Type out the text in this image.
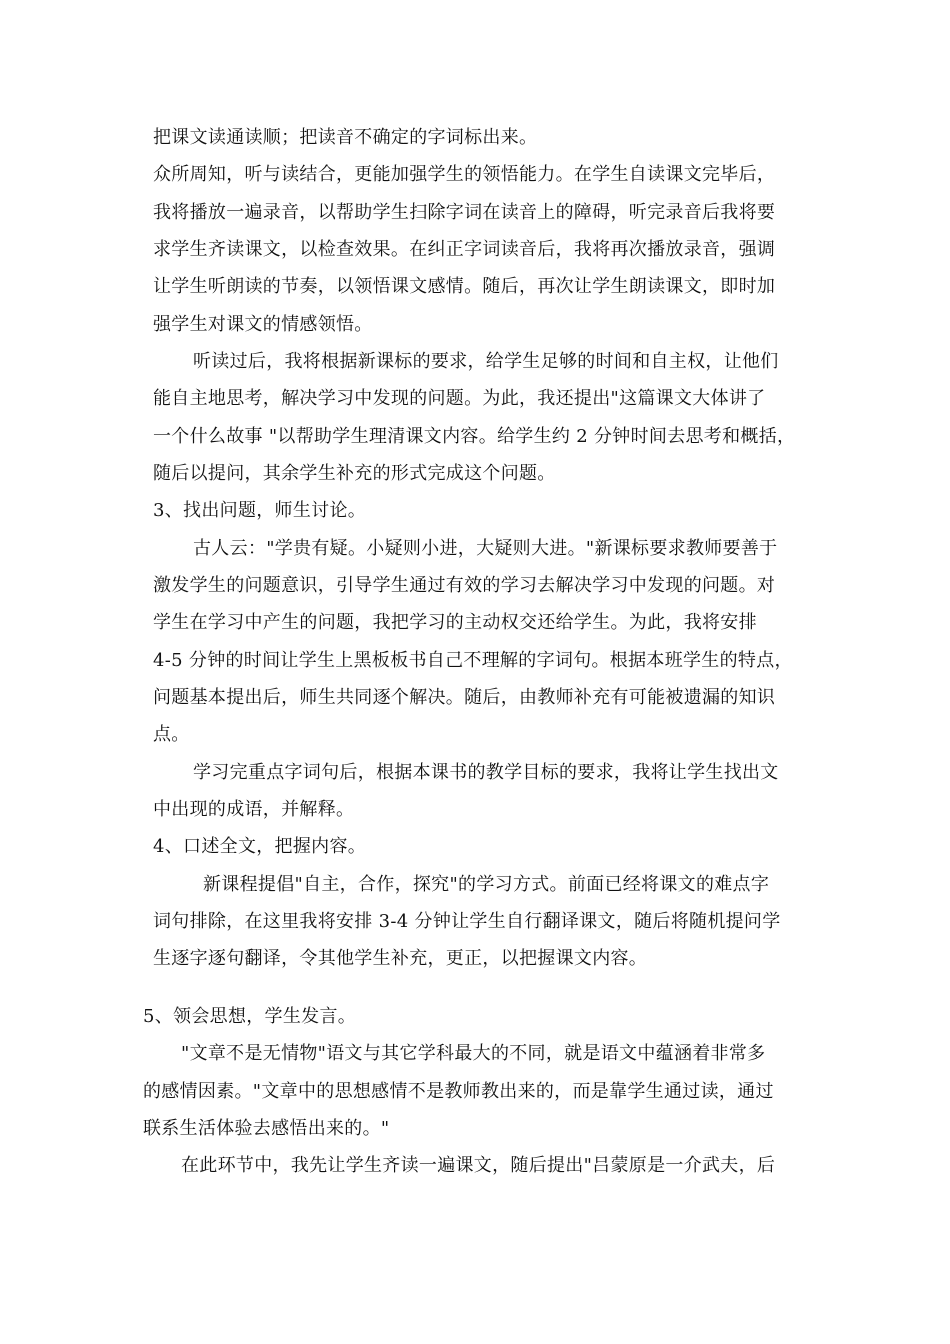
把课文读通读顺；把读音不确定的字词标出来。
众所周知，听与读结合，更能加强学生的领悟能力。在学生自读课文完毕后，
我将播放一遍录音，以帮助学生扫除字词在读音上的障碍，听完录音后我将要
求学生齐读课文，以检查效果。在纠正字词读音后，我将再次播放录音，强调
让学生听朗读的节奏，以领悟课文感情。随后，再次让学生朗读课文，即时加
强学生对课文的情感领悟。
听读过后，我将根据新课标的要求，给学生足够的时间和自主权，让他们
能自主地思考，解决学习中发现的问题。为此，我还提出"这篇课文大体讲了
一个什么故事 "以帮助学生理清课文内容。给学生约 2 分钟时间去思考和概括，
随后以提问，其余学生补充的形式完成这个问题。
3、找出问题，师生讨论。
古人云："学贵有疑。小疑则小进，大疑则大进。"新课标要求教师要善于
激发学生的问题意识，引导学生通过有效的学习去解决学习中发现的问题。对
学生在学习中产生的问题，我把学习的主动权交还给学生。为此，我将安排
4-5 分钟的时间让学生上黑板板书自己不理解的字词句。根据本班学生的特点，
问题基本提出后，师生共同逐个解决。随后，由教师补充有可能被遗漏的知识
点。
学习完重点字词句后，根据本课书的教学目标的要求，我将让学生找出文
中出现的成语，并解释。
4、口述全文，把握内容。
新课程提倡"自主，合作，探究"的学习方式。前面已经将课文的难点字
词句排除，在这里我将安排 3-4 分钟让学生自行翻译课文，随后将随机提问学
生逐字逐句翻译，令其他学生补充，更正，以把握课文内容。
5、领会思想，学生发言。
"文章不是无情物"语文与其它学科最大的不同，就是语文中蕴涵着非常多
的感情因素。"文章中的思想感情不是教师教出来的，而是靠学生通过读，通过
联系生活体验去感悟出来的。"
在此环节中，我先让学生齐读一遍课文，随后提出"吕蒙原是一介武夫，后
